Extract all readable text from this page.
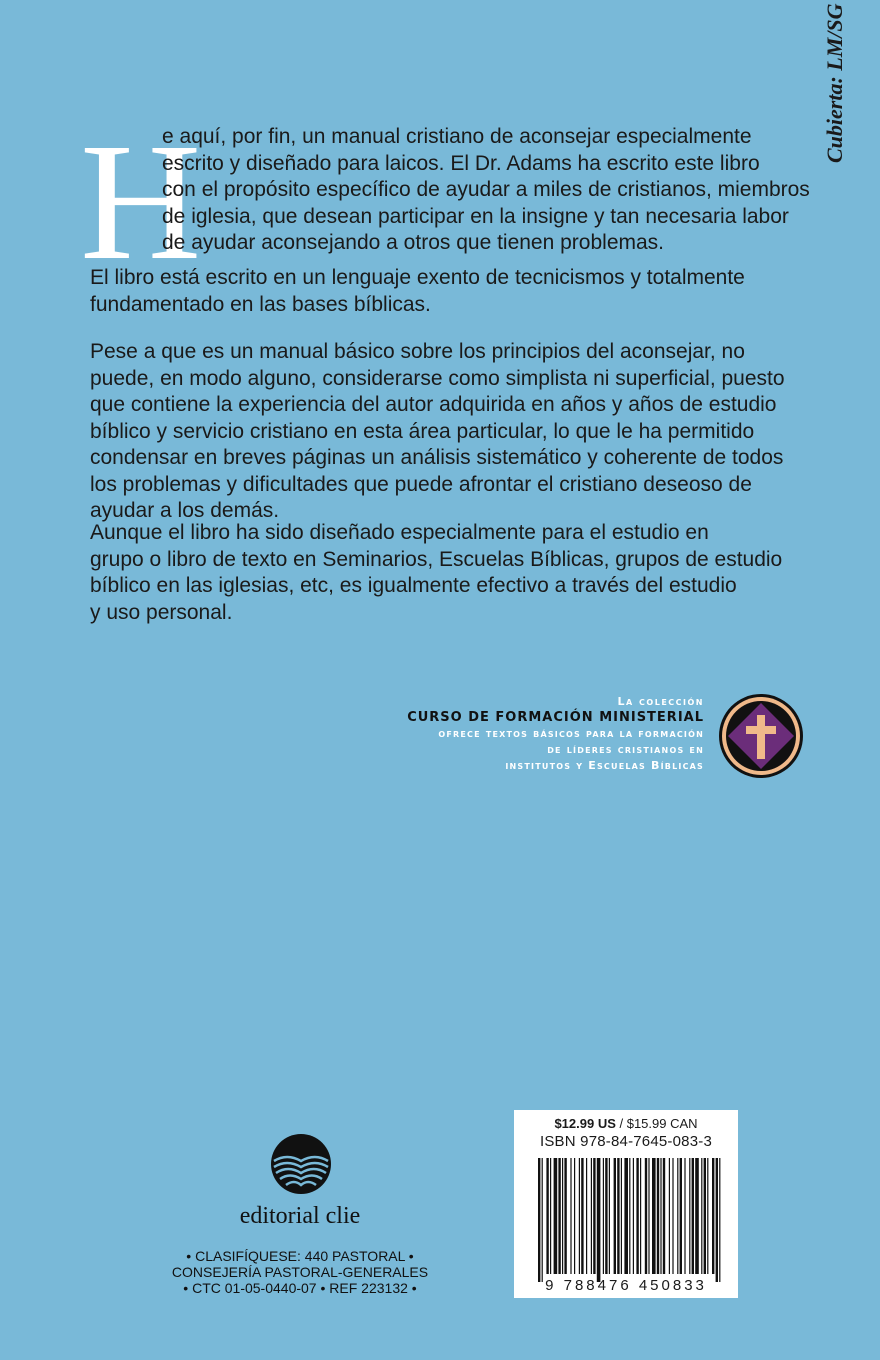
H
e aquí, por fin, un manual cristiano de aconsejar especialmente
escrito y diseñado para laicos. El Dr. Adams ha escrito este libro
con el propósito específico de ayudar a miles de cristianos, miembros
de iglesia, que desean participar en la insigne y tan necesaria labor
de ayudar aconsejando a otros que tienen problemas.
El libro está escrito en un lenguaje exento de tecnicismos y totalmente
fundamentado en las bases bíblicas.
Pese a que es un manual básico sobre los principios del aconsejar, no
puede, en modo alguno, considerarse como simplista ni superficial, puesto
que contiene la experiencia del autor adquirida en años y años de estudio
bíblico y servicio cristiano en esta área particular, lo que le ha permitido
condensar en breves páginas un análisis sistemático y coherente de todos
los problemas y dificultades que puede afrontar el cristiano deseoso de
ayudar a los demás.
Aunque el libro ha sido diseñado especialmente para el estudio en
grupo o libro de texto en Seminarios, Escuelas Bíblicas, grupos de estudio
bíblico en las iglesias, etc, es igualmente efectivo a través del estudio
y uso personal.
Cubierta: LM/SG
La colección
CURSO DE FORMACIÓN MINISTERIAL
ofrece textos básicos para la formación
de líderes cristianos en
institutos y Escuelas Bíblicas
editorial clie
• CLASIFÍQUESE: 440 PASTORAL •
CONSEJERÍA PASTORAL-GENERALES
• CTC 01-05-0440-07 • REF 223132 •
$12.99 US / $15.99 CAN
ISBN 978-84-7645-083-3
9 788476 450833
